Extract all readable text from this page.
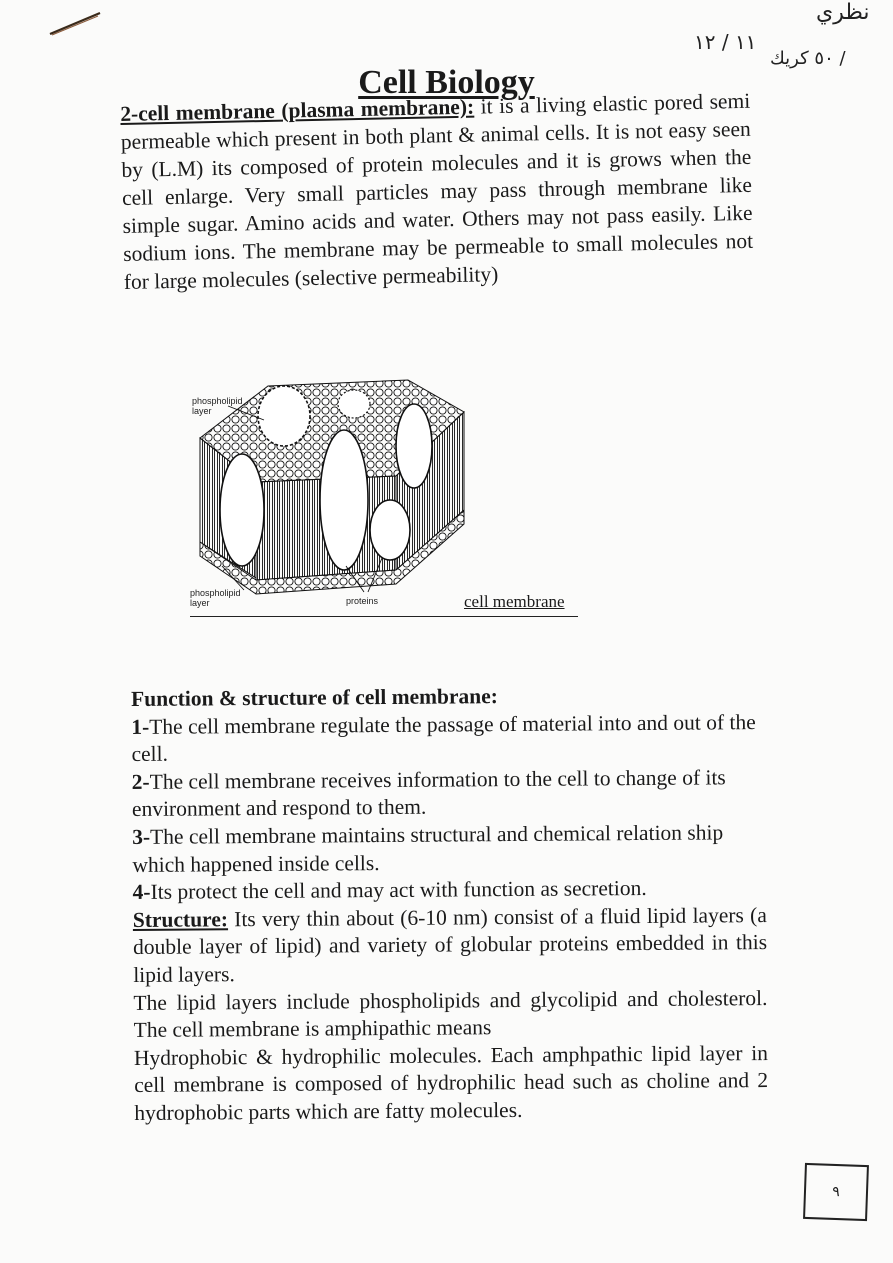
نظري
١١ / ١٢
٥٠ كريك /
Cell Biology

2-cell membrane (plasma membrane): it is a living elastic pored semi permeable which present in both plant & animal cells. It is not easy seen by (L.M) its composed of protein molecules and it is grows when the cell enlarge. Very small particles may pass through membrane like simple sugar. Amino acids and water. Others may not pass easily. Like sodium ions. The membrane may be permeable to small molecules not for large molecules (selective permeability)

phospholipid layer
phospholipid layer	proteins	cell membrane

Function & structure of cell membrane:

1-The cell membrane regulate the passage of material into and out of the cell.

2-The cell membrane receives information to the cell to change of its environment and respond to them.

3-The cell membrane maintains structural and chemical relation ship which happened inside cells.

4-Its protect the cell and may act with function as secretion.

Structure: Its very thin about (6-10 nm) consist of a fluid lipid layers (a double layer of lipid) and variety of globular proteins embedded in this lipid layers.

The lipid layers include phospholipids and glycolipid and cholesterol. The cell membrane is amphipathic means

Hydrophobic & hydrophilic molecules. Each amphpathic lipid layer in cell membrane is composed of hydrophilic head such as choline and 2 hydrophobic parts which are fatty molecules.

٩
